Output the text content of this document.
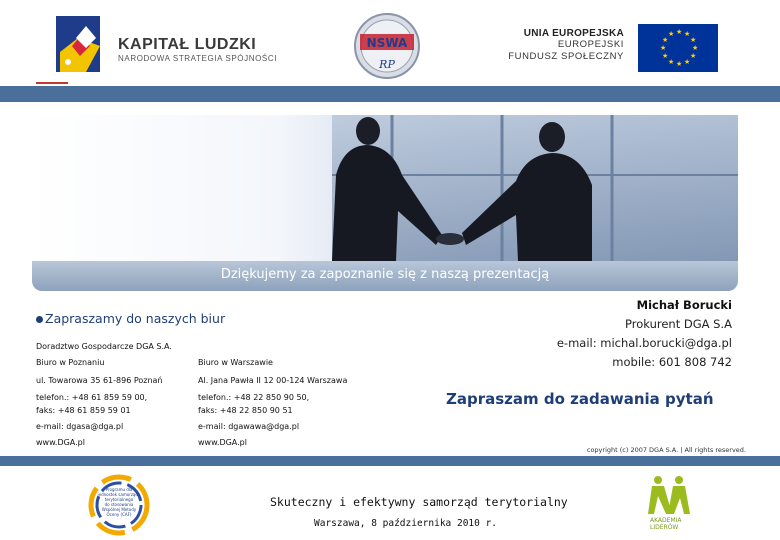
KAPITAŁ LUDZKI
NARODOWA STRATEGIA SPÓJNOŚCI
NSWA
RP
UNIA EUROPEJSKA
EUROPEJSKI
FUNDUSZ SPOŁECZNY
★ ★
★
★
★
★
★
★
★
★
★
★
Dziękujemy za zapoznanie się z naszą prezentacją
Zapraszamy do naszych biur
Doradztwo Gospodarcze DGA S.A.
Biuro w Poznaniu
ul. Towarowa 35 61-896 Poznań
telefon.: +48 61 859 59 00,
faks: +48 61 859 59 01
e-mail: dgasa@dga.pl
www.DGA.pl
Biuro w Warszawie
Al. Jana Pawła II 12 00-124 Warszawa
telefon.: +48 22 850 90 50,
faks: +48 22 850 90 51
e-mail: dgawawa@dga.pl
www.DGA.pl
Michał Borucki
Prokurent DGA S.A
e-mail: michal.borucki@dga.pl
mobile: 601 808 742
Zapraszam do zadawania pytań
copyright (c) 2007 DGA S.A. | All rights reserved.
Programu dla
jednostek samorządu
terytorialnego
do stosowania
Wspólnej Metody
Oceny (CAF)
Skuteczny i efektywny samorząd terytorialny
Warszawa, 8 października 2010 r.	AKADEMIA
LIDERÓW
